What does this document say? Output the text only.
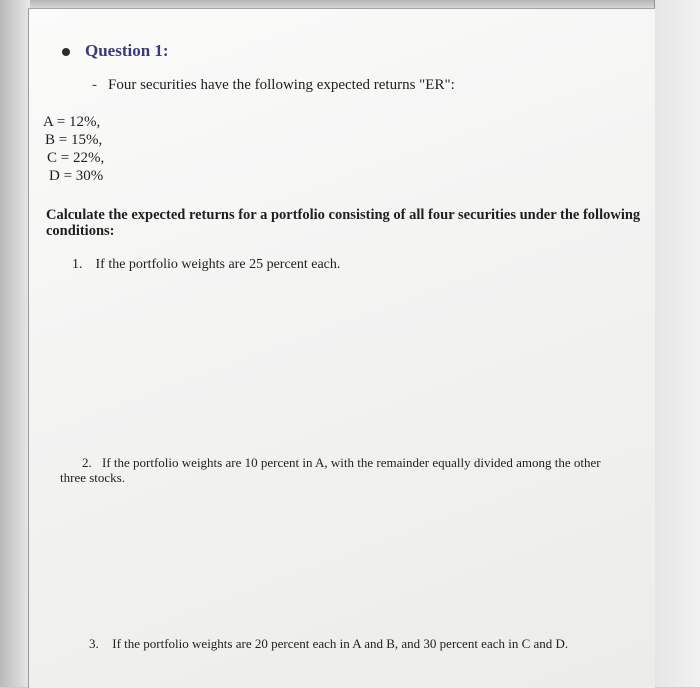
Question 1:
- Four securities have the following expected returns "ER":
A = 12%,
B = 15%,
C = 22%,
D = 30%
Calculate the expected returns for a portfolio consisting of all four securities under the following conditions:
1. If the portfolio weights are 25 percent each.
2. If the portfolio weights are 10 percent in A, with the remainder equally divided among the other three stocks.
3. If the portfolio weights are 20 percent each in A and B, and 30 percent each in C and D.
